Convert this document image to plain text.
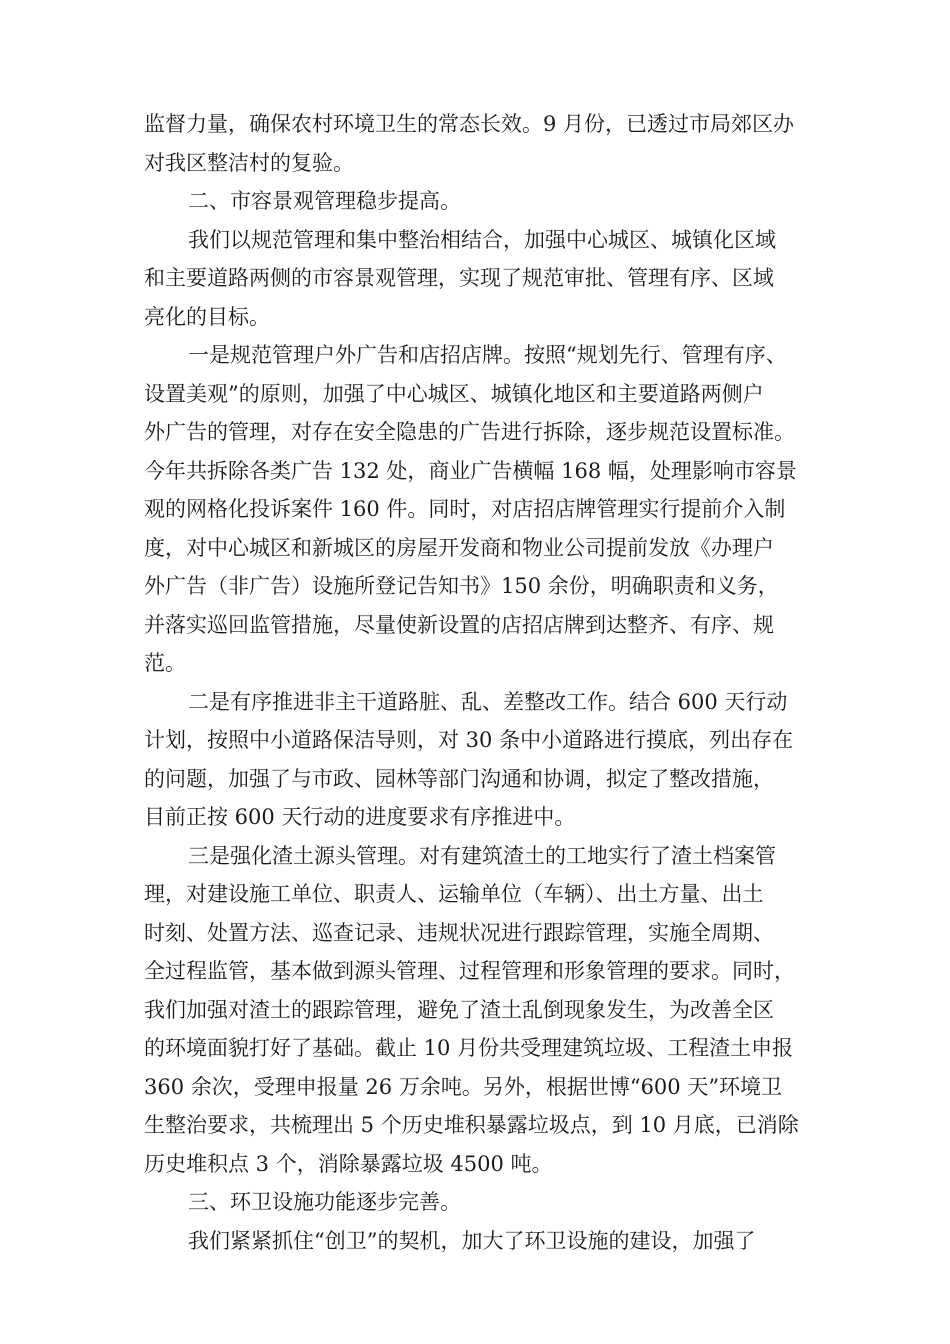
监督力量，确保农村环境卫生的常态长效。9 月份，已透过市局郊区办
对我区整洁村的复验。
二、市容景观管理稳步提高。
我们以规范管理和集中整治相结合，加强中心城区、城镇化区域
和主要道路两侧的市容景观管理，实现了规范审批、管理有序、区域
亮化的目标。
一是规范管理户外广告和店招店牌。按照“规划先行、管理有序、
设置美观”的原则，加强了中心城区、城镇化地区和主要道路两侧户
外广告的管理，对存在安全隐患的广告进行拆除，逐步规范设置标准。
今年共拆除各类广告 132 处，商业广告横幅 168 幅，处理影响市容景
观的网格化投诉案件 160 件。同时，对店招店牌管理实行提前介入制
度，对中心城区和新城区的房屋开发商和物业公司提前发放《办理户
外广告（非广告）设施所登记告知书》150 余份，明确职责和义务，
并落实巡回监管措施，尽量使新设置的店招店牌到达整齐、有序、规
范。
二是有序推进非主干道路脏、乱、差整改工作。结合 600 天行动
计划，按照中小道路保洁导则，对 30 条中小道路进行摸底，列出存在
的问题，加强了与市政、园林等部门沟通和协调，拟定了整改措施，
目前正按 600 天行动的进度要求有序推进中。
三是强化渣土源头管理。对有建筑渣土的工地实行了渣土档案管
理，对建设施工单位、职责人、运输单位（车辆）、出土方量、出土
时刻、处置方法、巡查记录、违规状况进行跟踪管理，实施全周期、
全过程监管，基本做到源头管理、过程管理和形象管理的要求。同时，
我们加强对渣土的跟踪管理，避免了渣土乱倒现象发生，为改善全区
的环境面貌打好了基础。截止 10 月份共受理建筑垃圾、工程渣土申报
360 余次，受理申报量 26 万余吨。另外，根据世博“600 天”环境卫
生整治要求，共梳理出 5 个历史堆积暴露垃圾点，到 10 月底，已消除
历史堆积点 3 个，消除暴露垃圾 4500 吨。
三、环卫设施功能逐步完善。
我们紧紧抓住“创卫”的契机，加大了环卫设施的建设，加强了
